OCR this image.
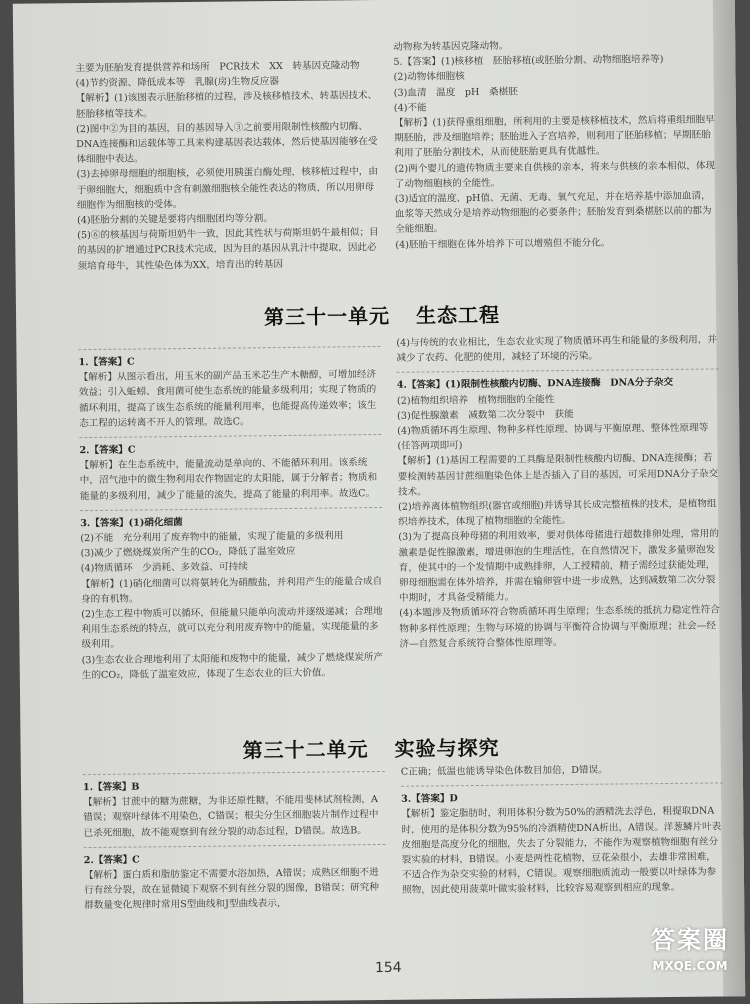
主要为胚胎发育提供营养和场所　PCR技术　XX　转基因克隆动物

(4)节约资源、降低成本等　乳腺(房)生物反应器

【解析】(1)该图表示胚胎移植的过程，涉及核移植技术、转基因技术、胚胎移植等技术。

(2)图中②为目的基因，目的基因导入③之前要用限制性核酸内切酶、DNA连接酶和运载体等工具来构建基因表达载体，然后使基因能够在受体细胞中表达。

(3)去掉卵母细胞的细胞核，必须使用胰蛋白酶处理，核移植过程中，由于卵细胞大，细胞质中含有刺激细胞核全能性表达的物质，所以用卵母细胞作为细胞核的受体。

(4)胚胎分割的关键是要将内细胞团均等分割。

(5)⑥的核基因与荷斯坦奶牛一致，因此其性状与荷斯坦奶牛最相似；目的基因的扩增通过PCR技术完成，因为目的基因从乳汁中提取，因此必须培育母牛，其性染色体为XX，培育出的转基因

动物称为转基因克隆动物。

5.【答案】(1)核移植　胚胎移植(或胚胎分割、动物细胞培养等)

(2)动物体细胞核

(3)血清　温度　pH　桑椹胚

(4)不能

【解析】(1)获得重组细胞，所利用的主要是核移植技术，然后将重组细胞早期胚胎，涉及细胞培养；胚胎进入子宫培养，则利用了胚胎移植；早期胚胎利用了胚胎分割技术，从而使胚胎更具有优越性。

(2)两个婴儿的遗传物质主要来自供核的亲本，将来与供核的亲本相似，体现了动物细胞核的全能性。

(3)适宜的温度、pH值、无菌、无毒、氧气充足，并在培养基中添加血清，血浆等天然成分是培养动物细胞的必要条件；胚胎发育到桑椹胚以前的都为全能细胞。

(4)胚胎干细胞在体外培养下可以增殖但不能分化。

第三十一单元 生态工程

1.【答案】C

【解析】从图示看出，用玉米的副产品玉米芯生产木糖醇，可增加经济效益；引入蚯蚓、食用菌可使生态系统的能量多级利用；实现了物质的循环利用，提高了该生态系统的能量利用率，也能提高传递效率；该生态工程的运转离不开人的管理。故选C。

2.【答案】C

【解析】在生态系统中，能量流动是单向的、不能循环利用。该系统中，沼气池中的微生物利用农作物固定的太阳能，属于分解者；物质和能量的多级利用，减少了能量的流失，提高了能量的利用率。故选C。

3.【答案】(1)硝化细菌

(2)不能　充分利用了废弃物中的能量，实现了能量的多级利用

(3)减少了燃烧煤炭所产生的CO₂，降低了温室效应

(4)物质循环　少消耗、多效益、可持续

【解析】(1)硝化细菌可以将氨转化为硝酸盐，并利用产生的能量合成自身的有机物。

(2)生态工程中物质可以循环，但能量只能单向流动并逐级递减；合理地利用生态系统的特点，就可以充分利用废弃物中的能量，实现能量的多级利用。

(3)生态农业合理地利用了太阳能和废物中的能量，减少了燃烧煤炭所产生的CO₂，降低了温室效应，体现了生态农业的巨大价值。

(4)与传统的农业相比，生态农业实现了物质循环再生和能量的多级利用，并减少了农药、化肥的使用，减轻了环境的污染。

4.【答案】(1)限制性核酸内切酶、DNA连接酶　DNA分子杂交

(2)植物组织培养　植物细胞的全能性

(3)促性腺激素　减数第二次分裂中　获能

(4)物质循环再生原理、物种多样性原理、协调与平衡原理、整体性原理等(任答两项即可)

【解析】(1)基因工程需要的工具酶是限制性核酸内切酶、DNA连接酶；若要检测转基因甘蔗细胞染色体上是否插入了目的基因，可采用DNA分子杂交技术。

(2)培养离体植物组织(器官或细胞)并诱导其长成完整植株的技术，是植物组织培养技术，体现了植物细胞的全能性。

(3)为了提高良种母猪的利用效率，要对供体母猪进行超数排卵处理，常用的激素是促性腺激素，增进卵泡的生理活性，在自然情况下，激发多量卵泡发育，使其中的一个发情期中成熟排卵，人工授精前，精子需经过获能处理，卵母细胞需在体外培养，并需在输卵管中进一步成熟，达到减数第二次分裂中期时，才具备受精能力。

(4)本题涉及物质循环符合物质循环再生原理；生态系统的抵抗力稳定性符合物种多样性原理；生物与环境的协调与平衡符合协调与平衡原理；社会—经济—自然复合系统符合整体性原理等。

第三十二单元 实验与探究

1.【答案】B

【解析】甘蔗中的糖为蔗糖，为非还原性糖，不能用斐林试剂检测，A错误；观察叶绿体不用染色，C错误；根尖分生区细胞装片制作过程中已杀死细胞，故不能观察到有丝分裂的动态过程，D错误。故选B。

2.【答案】C

【解析】蛋白质和脂肪鉴定不需要水浴加热，A错误；成熟区细胞不进行有丝分裂，故在显微镜下观察不到有丝分裂的图像，B错误；研究种群数量变化规律时常用S型曲线和J型曲线表示，

C正确；低温也能诱导染色体数目加倍，D错误。

3.【答案】D

【解析】鉴定脂肪时，利用体积分数为50%的酒精洗去浮色，粗提取DNA时，使用的是体积分数为95%的冷酒精使DNA析出，A错误。洋葱鳞片叶表皮细胞是高度分化的细胞，失去了分裂能力，不能作为观察植物细胞有丝分裂实验的材料，B错误。小麦是两性花植物，豆花朵很小，去雄非常困难，不适合作为杂交实验的材料，C错误。观察细胞质流动一般要以叶绿体为参照物，因此使用菠菜叶做实验材料，比较容易观察到相应的现象。

154
答案圈
MXQE.COM
